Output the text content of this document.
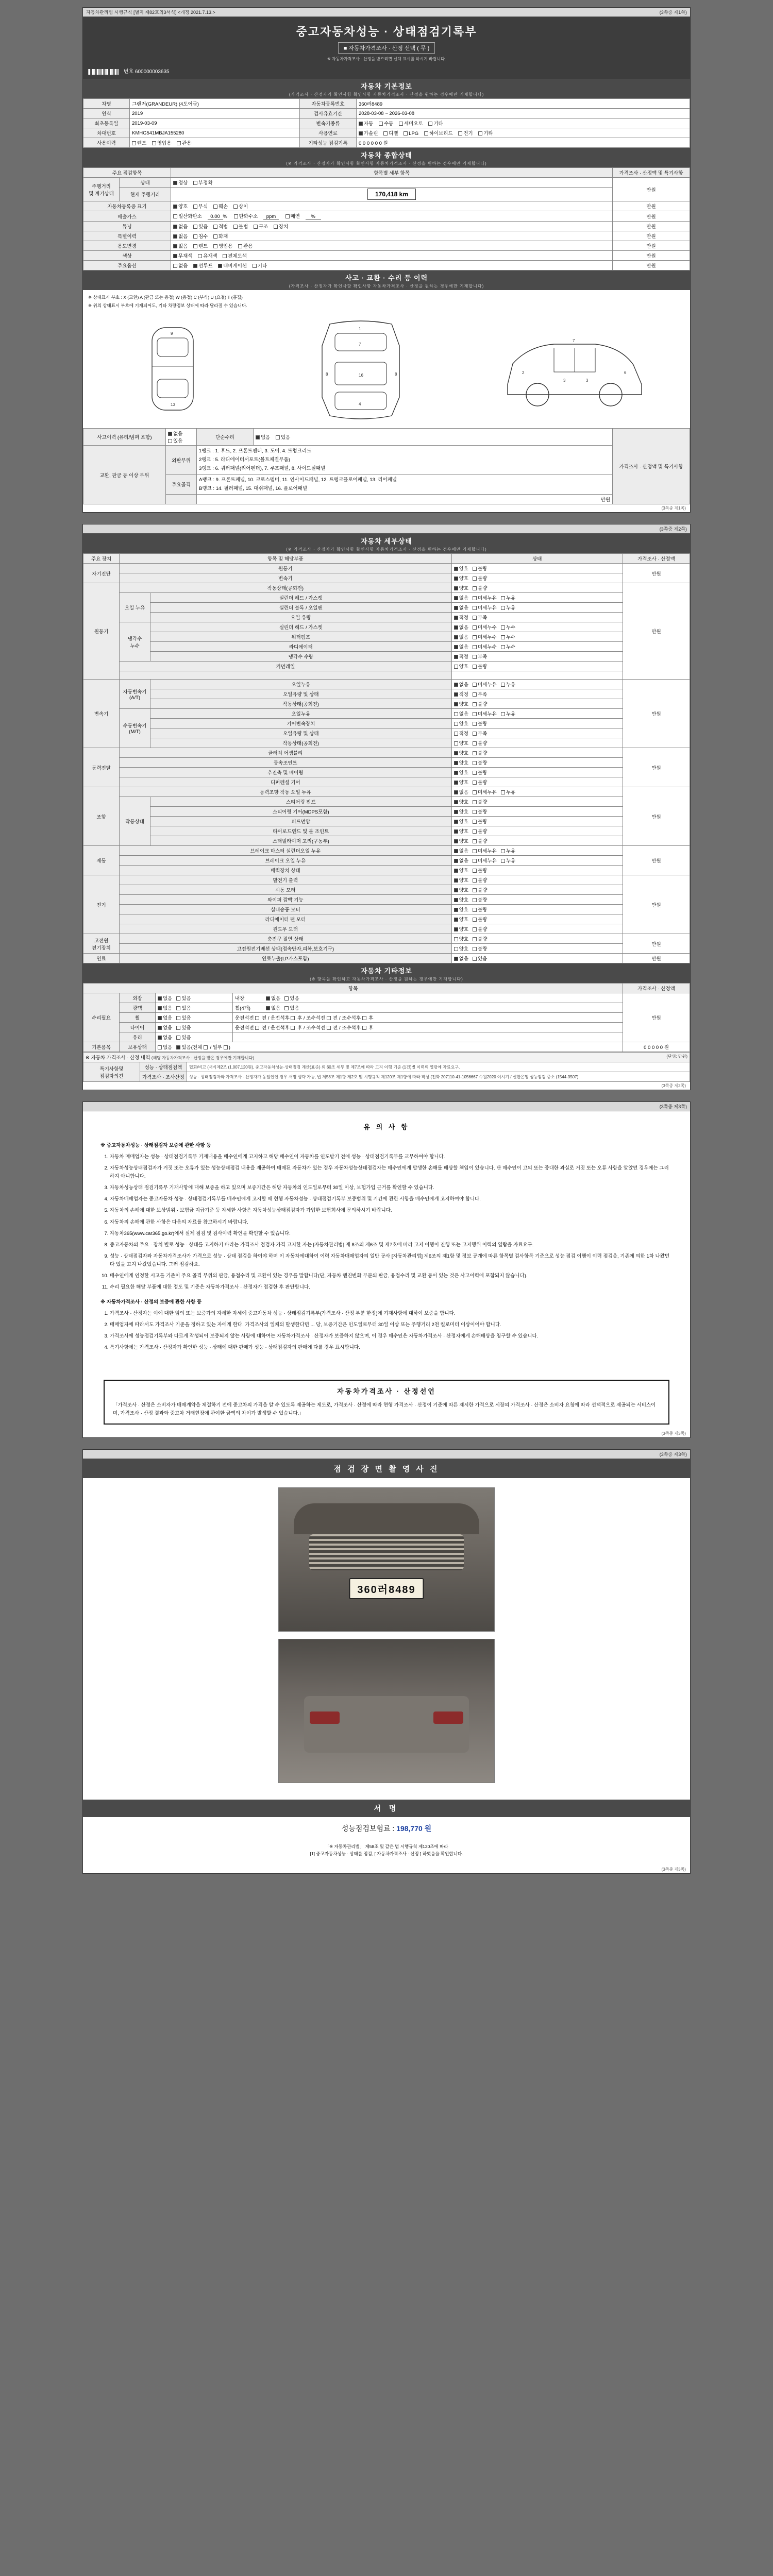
자동차관리법 시행규칙 [별지 제82호의3서식] <개정 2021.7.13.>	(3쪽중 제1쪽)
중고자동차성능 · 상태점검기록부
■ 자동차가격조사 · 산정 선택 ( 무 )
※ 자동차가격조사 · 산정을 받으려면 선택 표시를 하시기 바랍니다.
번호 600000003635
자동차 기본정보
(가격조사 · 산정자가 확인사항 확인사항 자동차가격조사 · 산정을 원하는 경우에만 기재합니다)
차명	그랜저(GRANDEUR) (4도어급)	자동차등록번호	360러8489
연식	2019	검사유효기간	2028-03-08 ~ 2026-03-08
최초등록일	2019-03-09	변속기종류	자동 수동 세미오토 기타
차대번호	KMHG541MBJA155280	사용연료	가솔린 디젤 LPG 하이브리드 전기 기타
사용이력	렌트 영업용 관용	기타성능 점검기록	0 0 0 0 0 0 원
자동차 종합상태
(※ 가격조사 · 산정자가 확인사항 확인사항 자동차가격조사 · 산정을 원하는 경우에만 기재합니다)
주요 점검항목		항목별 세부 항목	가격조사 · 산정액 및 특기사항
주행거리
및 계기상태	상태	정상 부정확	만원
	현재 주행거리	170,418 km	
자동차등록증 표기		양호 부식 훼손 상이	만원
배출가스		일산화탄소 0.00 % 탄화수소 ppm 매연 %	만원
튜닝		없음 있음 적법 불법 구조 장치	만원
특별이력		없음 침수 화재	만원
용도변경		없음 렌트 영업용 관용	만원
색상		무채색 유채색 전체도색	만원
주요옵션		없음 선루프 내비게이션 기타	만원
사고 · 교환 · 수리 등 이력
(가격조사 · 산정자가 확인사항 확인사항 자동차가격조사 · 산정을 원하는 경우에만 기재합니다)
※ 상태표시 부호 : X (교환) A (판금 또는 용접) W (용접) C (부식) U (요철) T (흠집)
※ 위의 상태표시 부호에 기재되어도, 기타 차량정보 상태에 따라 달라질 수 있습니다.
9
13
1
7
16
4
8	8	2
3	3
6
7
사고이력 (유리/범퍼 포함)	없음 있음	단순수리	없음 있음	가격조사 · 산정액 및 특기사항
교환, 판금 등 이상 부위	외판부위	1랭크 : 1. 후드, 2. 프론트펜더, 3. 도어, 4. 트렁크리드
2랭크 : 5. 라디에이터서포트(볼트체결부품)
3랭크 : 6. 쿼터패널(리어펜더), 7. 루프패널, 8. 사이드실패널		
	주요골격	A랭크 : 9. 프론트패널, 10. 크로스멤버, 11. 인사이드패널, 12. 트렁크플로어패널, 13. 리어패널
B랭크 : 14. 필러패널, 15. 대쉬패널, 16. 플로어패널		
		만원		
(3쪽중 제1쪽)
(3쪽중 제2쪽)
자동차 세부상태
(※ 가격조사 · 산정자가 확인사항 확인사항 자동차가격조사 · 산정을 원하는 경우에만 기재합니다)
주요 장치	항목 및 해당부품		상태	가격조사 · 산정액
자기진단	원동기		양호 불량	만원
	변속기		양호 불량	
원동기	작동상태(공회전)		양호 불량	만원
	오일 누유	실린더 헤드 / 가스켓	없음 미세누유 누유	
		실린더 블록 / 오일팬	없음 미세누유 누유	
		오일 유량	적정 부족	
	냉각수
누수	실린더 헤드 / 가스켓	없음 미세누수 누수	
		워터펌프	없음 미세누수 누수	
		라디에이터	없음 미세누수 누수	
		냉각수 수량	적정 부족	
	커먼레일		양호 불량	

변속기	자동변속기
(A/T)	오일누유	없음 미세누유 누유	만원
		오일유량 및 상태	적정 부족	
		작동상태(공회전)	양호 불량	
	수동변속기
(M/T)	오일누유	없음 미세누유 누유	
		기어변속장치	양호 불량	
		오일유량 및 상태	적정 부족	
		작동상태(공회전)	양호 불량	
동력전달	클러치 어셈블리		양호 불량	만원
	등속조인트		양호 불량	
	추진축 및 베어링		양호 불량	
	디퍼렌셜 기어		양호 불량	
조향	동력조향 작동 오일 누유		없음 미세누유 누유	만원
	작동상태	스티어링 펌프	양호 불량	
		스티어링 기어(MDPS포함)	양호 불량	
		피트먼암	양호 불량	
		타이로드엔드 및 볼 조인트	양호 불량	
		스태빌라이저 고리(구동부)	양호 불량	
제동	브레이크 마스터 실린더오일 누유		없음 미세누유 누유	만원
	브레이크 오일 누유		없음 미세누유 누유	
	배력장치 상태		양호 불량	
전기	발전기 출력		양호 불량	만원
	시동 모터		양호 불량	
	와이퍼 깜빡 기능		양호 불량	
	실내송풍 모터		양호 불량	
	라디에이터 팬 모터		양호 불량	
	윈도우 모터		양호 불량	
고전원
전기장치	충전구 절연 상태		양호 불량	만원
	고전원전기배선 상태(접속단자,피복,보호기구)		양호 불량	
연료	연료누출(LP가스포함)		없음 있음	만원
자동차 기타정보
(※ 항목을 확인하고 자동차가격조사 · 산정을 원하는 경우에만 기재합니다)
항목				가격조사 · 산정액
수리필요	외장	없음 있음	내장 없음 있음	만원
	광택	없음 있음	휠(4개) 없음 있음	
	휠	없음 있음	운전석전  전 / 운전석후  후 / 조수석전  전 / 조수석후  후	
	타이어	없음 있음	운전석전  전 / 운전석후  후 / 조수석전  전 / 조수석후  후	
	유리	없음 있음		
기본품목	보유상태	없음 있음(전체  / 일부 )		0 0 0 0 0 원
※ 자동차 가격조사 · 산정 내역 (해당 자동차가격조사 · 산정을 받은 경우에만 기재합니다) (단위: 만원)		

특기사항및
점검자의견	성능 · 상태점검액	협회/비고 (서식제2조 (1,007,120원), 중고자동차성능·상태점검 계산(표준) 외 60조 세부 및 제7조에 따라 고지 이행 기준 (1건)별 이력의 열람에 자료요구.
	가격조사 · 조사산정	성능 · 상태점검자와 가격조사 · 산정자가 동일인인 경우 서명 생략 가능, 법 제58조 제1항 제2호 및 시행규칙 제120조 제1항에 따라 작성 (전화 207110-41-1056667 수원2020 여시기 / 신한은행 성능점검 중소 (1544-3507)
(3쪽중 제2쪽)
(3쪽중 제3쪽)
유 의 사 항
※ 중고자동차성능 · 상태점검자 보증에 관한 사항 등
1. 자동차 매매업자는 성능 · 상태점검기록부 기재내용을 매수인에게 고지하고 해당 매수인이 자동차를 인도받기 전에 성능 · 상태점검기록부를 교부하여야 합니다.
2. 자동차성능상태점검자가 거짓 또는 오류가 있는 성능상태점검 내용을 제공하여 매매된 자동차가 있는 경우 자동차성능상태점검자는 매수인에게 발생한 손해를 배상할 책임이 있습니다. 단 매수인이 고의 또는 중대한 과실로 거짓 또는 오류 사항을 알았던 경우에는 그러하지 아니합니다.
3. 자동차성능상태 점검기록부 기재사항에 대해 보증을 하고 있으며 보증기간은 해당 자동차의 인도일로부터 30일 이상, 보험가입 근거를 확인할 수 있습니다.
4. 자동차매매업자는 중고자동차 성능 · 상태점검기록부를 매수인에게 고지할 때 현행 자동차성능 · 상태점검기록부 보증범위 및 기간에 관한 사항을 매수인에게 고지하여야 합니다.
5. 자동차의 손해에 대한 보상범위 · 보험금 지급기준 등 자세한 사항은 자동차성능상태점검자가 가입한 보험회사에 문의하시기 바랍니다.
6. 자동차의 손해에 관한 사항은 다음의 자료를 참고하시기 바랍니다.
7. 자동차365(www.car365.go.kr)에서 실제 점검 및 검사이력 확인을 확인할 수 있습니다.
8. 중고자동차의 주요 · 장치 별로 성능 · 상태를 고지하기 바라는 가격조사 점검자 가격 고지한 자는 [자동차관리법] 제 8조의 제6조 및 제7호에 따라 고지 이행이 진행 또는 고지행위 이력의 열람을 자료요구.
9. 성능 · 상태점검자와 자동차가격조사가 가격으로 성능 · 상태 점검을 하여야 하며 이 자동차에대하여 이력 자동차매매업자의 일반 공사 [자동차관리법] 제6조의 제1항 및 정보 공개에 따른 항목별 검사항목 기준으로 성능 점검 이행이 이력 점검을, 기존에 의한 1차 나왔던다 있을 고지 나갔었습니다. 그러 점검하요.
10. 매수인에게 인정한 시고를 기준이 주요 골격 부위의 판금, 용접수리 및 교환이 있는 경우를 말합니다(단, 자동차 엔진변화 부분의 판금, 용접수리 및 교환 등이 있는 것은 사고이력에 포함되지 않습니다).
11. 수리 필요한 해당 부품에 대한 정도 및 기준은 자동차가격조사 · 산정자가 점검한 후 판단합니다.
※ 자동차가격조사 · 산정의 보증에 관한 사항 등
1. 가격조사 · 산정자는 이에 대한 임의 또는 보증가의 자세한 자세에 중고자동차 성능 · 상태점검기록부(가격조사 · 산정 부분 한정)에 기재사항에 대하여 보증을 합니다.
2. 매매업자에 따라서도 가격조사 기준을 정하고 있는 자에게 한다. 가격조사의 일체의 발생한다면 ... 당, 보증기간은 인도일로부터 30일 이상 또는 주행거리 2천 킬로미터 이상이어야 합니다.
3. 가격조사에 성능점검기록부와 다르게 작성되어 보증되지 않는 사항에 대하여는 자동차가격조사 · 산정자가 보증하지 않으며, 이 경우 매수인은 자동차가격조사 · 산정자에게 손해배상을 청구할 수 있습니다.
4. 특기사항에는 가격조사 · 산정자가 확인한 성능 · 상태에 대한 판매가 성능 · 상태점검자의 판매에 다를 경우 표시합니다.
자동차가격조사 · 산정선언
「가격조사 · 산정은 소비자가 매매계약을 체결하기 전에 중고차의 가격을 알 수 있도록 제공하는 제도로, 가격조사 · 산정에 따라 현행 가격조사 · 산정이 기준에 따른 제시한 가격으로 시장의 가격조사 · 산정은 소비자 요청에 따라 선택적으로 제공되는 서비스이며, 가격조사 · 산정 결과와 중고차 거래현장에 관여한 금액의 차이가 발생할 수 있습니다.」
(3쪽중 제3쪽)
(3쪽중 제3쪽)
점 검 장 면 촬 영 사 진
360러8489
서 명
성능점검보험료 : 198,770 원
「※ 자동차관리법」 제58조 및 같은 법 시행규칙 제120조에 따라
[1] 중고자동차성능 · 상태를 점검, [ 자동차가격조사 · 산정 ] 하였음을 확인합니다.
(3쪽중 제3쪽)
